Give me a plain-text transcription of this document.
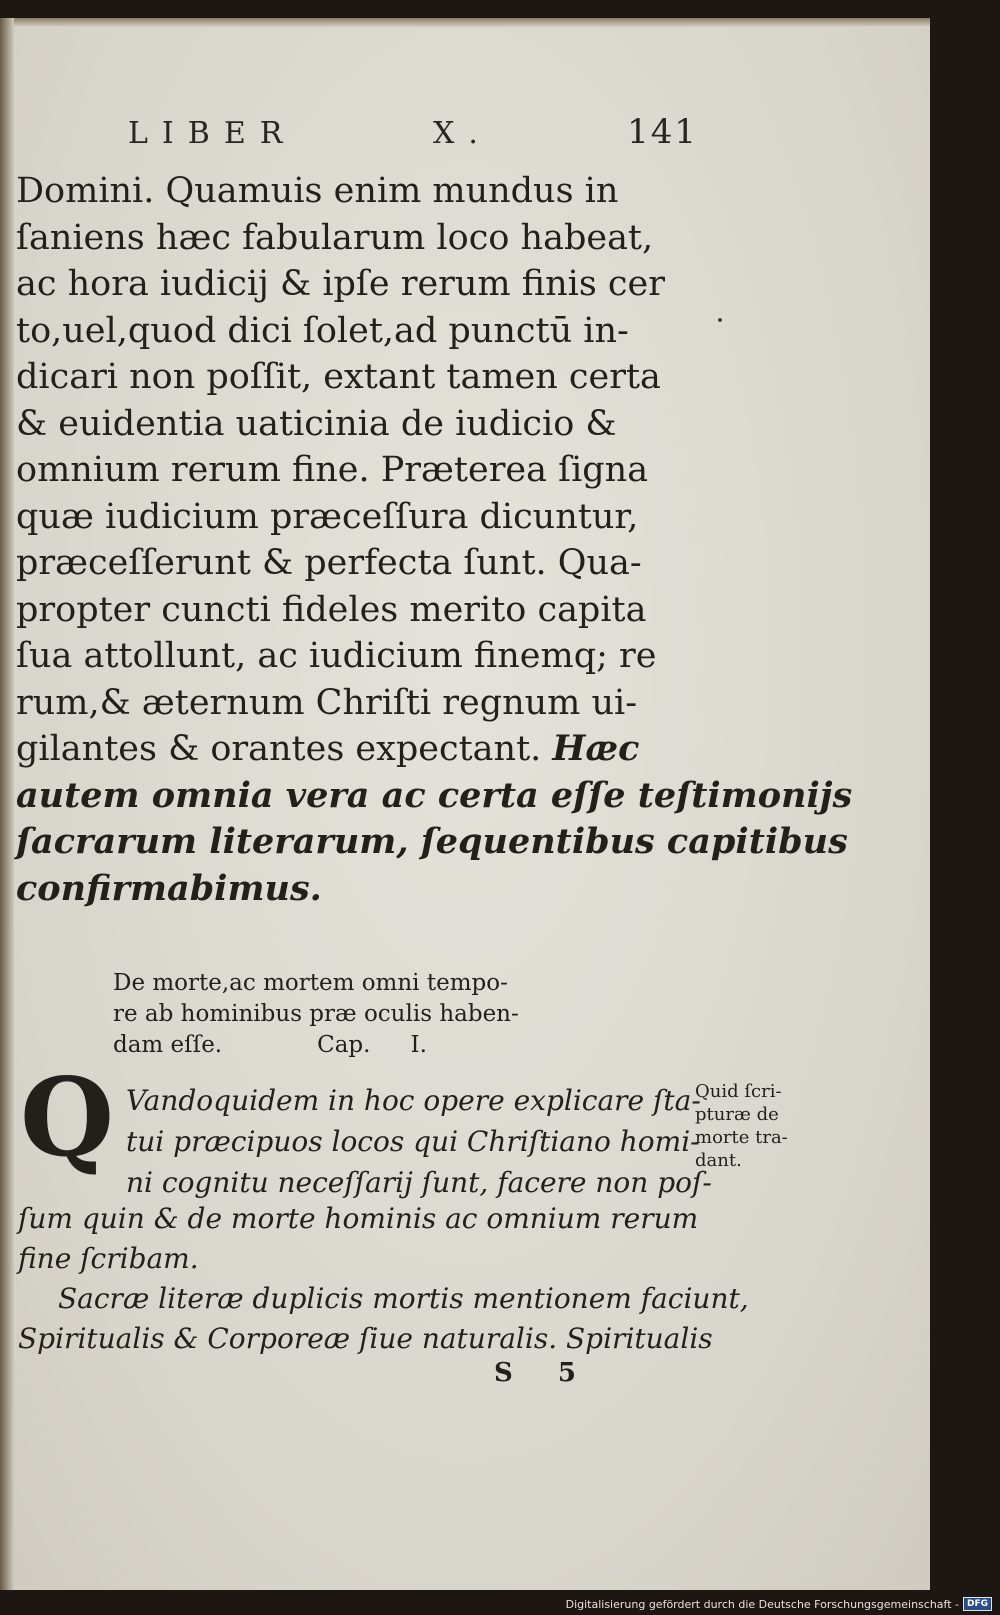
LIBER	X.	141
Domini. Quamuis enim mundus in
ſaniens hæc fabularum loco habeat,
ac hora iudicij & ipſe rerum finis cer
to,uel,quod dici ſolet,ad punctū in-
dicari non poſſit, extant tamen certa
& euidentia uaticinia de iudicio &
omnium rerum fine. Præterea ſigna
quæ iudicium præceſſura dicuntur,
præceſſerunt & perfecta ſunt. Qua-
propter cuncti fideles merito capita
ſua attollunt, ac iudicium finemq; re
rum,& æternum Chriſti regnum ui-
gilantes & orantes expectant. Hæc
autem omnia vera ac certa eſſe teſtimonijs
ſacrarum literarum, ſequentibus capitibus
confirmabimus.
De morte,ac mortem omni tempo-
re ab hominibus præ oculis haben-
dam eſſe.	Cap. I.
Q Vandoquidem in hoc opere explicare ſta-
tui præcipuos locos qui Chriſtiano homi-
ni cognitu neceſſarij ſunt, facere non poſ-
ſum quin & de morte hominis ac omnium rerum
fine ſcribam.
Sacræ literæ duplicis mortis mentionem faciunt,
Spiritualis & Corporeæ ſiue naturalis. Spiritualis
Quid ſcri-
pturæ de
morte tra-
dant.
S 5
Digitalisierung gefördert durch die Deutsche Forschungsgemeinschaft - DFG
